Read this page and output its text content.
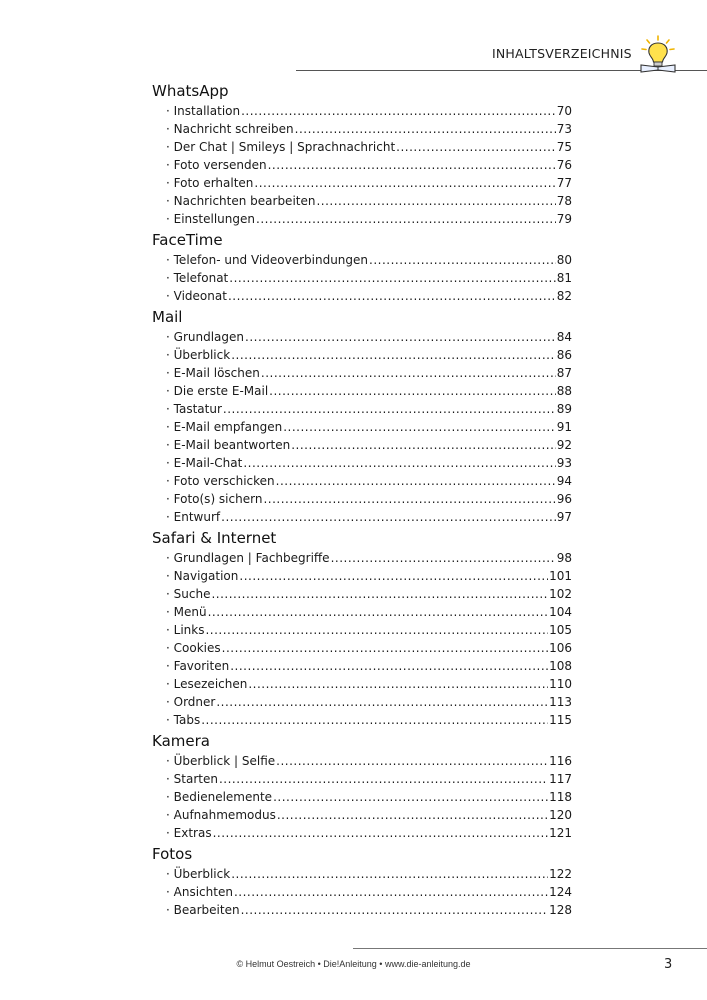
INHALTSVERZEICHNIS
WhatsApp
· Installation .....	70
· Nachricht schreiben .....	73
· Der Chat | Smileys | Sprachnachricht .....	75
· Foto versenden .....	76
· Foto erhalten .....	77
· Nachrichten bearbeiten .....	78
· Einstellungen .....	79
FaceTime
· Telefon- und Videoverbindungen .....	80
· Telefonat .....	81
· Videonat .....	82
Mail
· Grundlagen .....	84
· Überblick .....	86
· E-Mail löschen .....	87
· Die erste E-Mail .....	88
· Tastatur .....	89
· E-Mail empfangen .....	91
· E-Mail beantworten .....	92
· E-Mail-Chat .....	93
· Foto verschicken .....	94
· Foto(s) sichern .....	96
· Entwurf .....	97
Safari & Internet
· Grundlagen | Fachbegriffe .....	98
· Navigation .....	101
· Suche .....	102
· Menü .....	104
· Links .....	105
· Cookies .....	106
· Favoriten .....	108
· Lesezeichen .....	110
· Ordner .....	113
· Tabs .....	115
Kamera
· Überblick | Selfie .....	116
· Starten .....	117
· Bedienelemente .....	118
· Aufnahmemodus .....	120
· Extras .....	121
Fotos
· Überblick .....	122
· Ansichten .....	124
· Bearbeiten .....	128
© Helmut Oestreich • Die!Anleitung • www.die-anleitung.de	3
